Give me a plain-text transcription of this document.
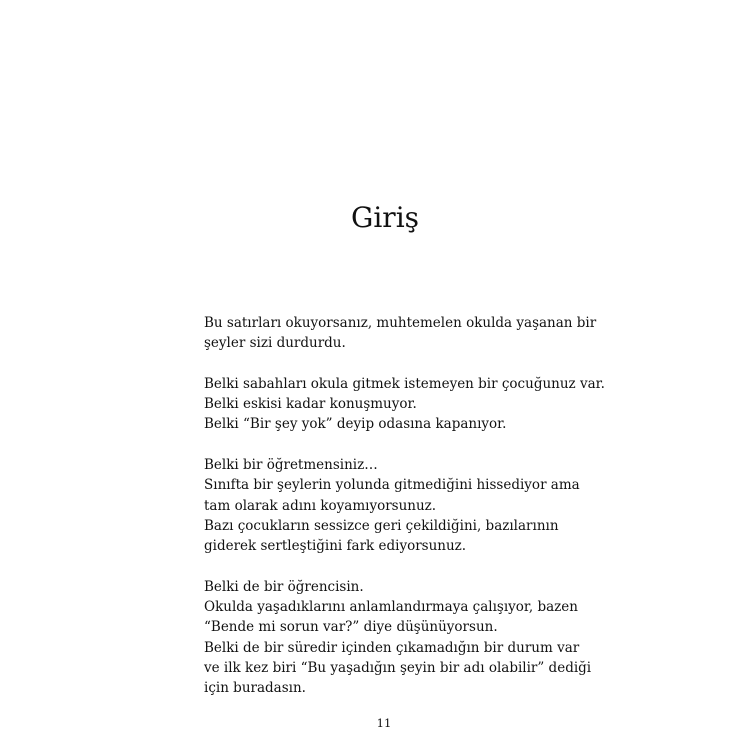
Giriş

Bu satırları okuyorsanız, muhtemelen okulda yaşanan bir
şeyler sizi durdurdu.

Belki sabahları okula gitmek istemeyen bir çocuğunuz var.
Belki eskisi kadar konuşmuyor.
Belki “Bir şey yok” deyip odasına kapanıyor.

Belki bir öğretmensiniz…
Sınıfta bir şeylerin yolunda gitmediğini hissediyor ama
tam olarak adını koyamıyorsunuz.
Bazı çocukların sessizce geri çekildiğini, bazılarının
giderek sertleştiğini fark ediyorsunuz.

Belki de bir öğrencisin.
Okulda yaşadıklarını anlamlandırmaya çalışıyor, bazen
“Bende mi sorun var?” diye düşünüyorsun.
Belki de bir süredir içinden çıkamadığın bir durum var
ve ilk kez biri “Bu yaşadığın şeyin bir adı olabilir” dediği
için buradasın.

11
